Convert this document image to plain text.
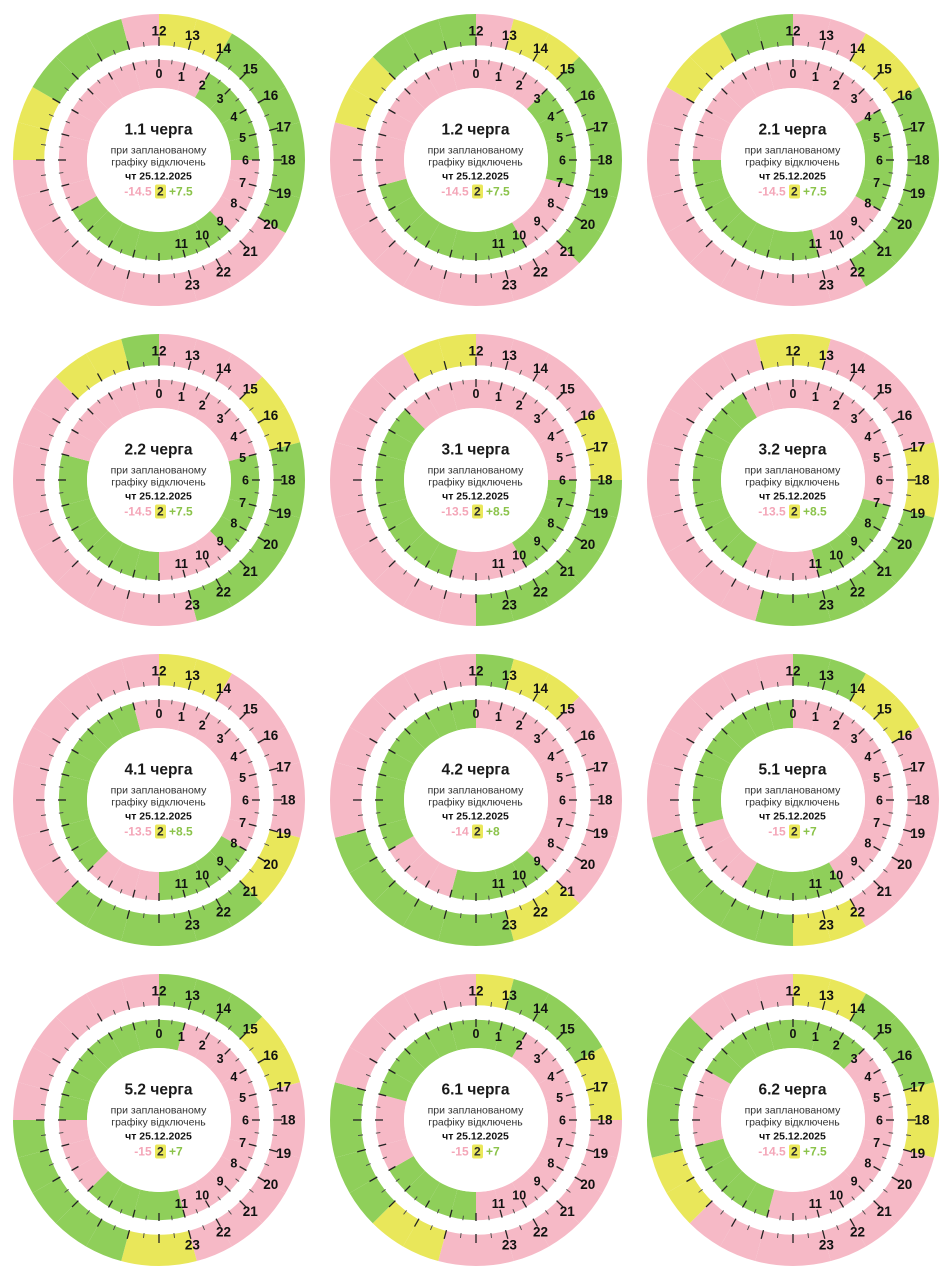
12 13
14
15
16
17
18
19
20
21
22
23
0 1
2
3
4
5
6
7
8
9
10
11
1.1 черга
при запланованому
графіку відключень
чт 25.12.2025
-14.5 2 +7.5
12 13
14
15
16
17
18
19
20
21
22
23
0 1
2
3
4
5
6
7
8
9
10
11
1.2 черга
при запланованому
графіку відключень
чт 25.12.2025
-14.5 2 +7.5
12 13
14
15
16
17
18
19
20
21
22
23
0 1
2
3
4
5
6
7
8
9
10
11
2.1 черга
при запланованому
графіку відключень
чт 25.12.2025
-14.5 2 +7.5
12 13
14
15
16
17
18
19
20
21
22
23
0 1
2
3
4
5
6
7
8
9
10
11
2.2 черга
при запланованому
графіку відключень
чт 25.12.2025
-14.5 2 +7.5
12 13
14
15
16
17
18
19
20
21
22
23
0 1
2
3
4
5
6
7
8
9
10
11
3.1 черга
при запланованому
графіку відключень
чт 25.12.2025
-13.5 2 +8.5
12 13
14
15
16
17
18
19
20
21
22
23
0 1
2
3
4
5
6
7
8
9
10
11
3.2 черга
при запланованому
графіку відключень
чт 25.12.2025
-13.5 2 +8.5
12 13
14
15
16
17
18
19
20
21
22
23
0 1
2
3
4
5
6
7
8
9
10
11
4.1 черга
при запланованому
графіку відключень
чт 25.12.2025
-13.5 2 +8.5
12 13
14
15
16
17
18
19
20
21
22
23
0 1
2
3
4
5
6
7
8
9
10
11
4.2 черга
при запланованому
графіку відключень
чт 25.12.2025
-14 2 +8
12 13
14
15
16
17
18
19
20
21
22
23
0 1
2
3
4
5
6
7
8
9
10
11
5.1 черга
при запланованому
графіку відключень
чт 25.12.2025
-15 2 +7
12 13
14
15
16
17
18
19
20
21
22
23
0 1
2
3
4
5
6
7
8
9
10
11
5.2 черга
при запланованому
графіку відключень
чт 25.12.2025
-15 2 +7
12 13
14
15
16
17
18
19
20
21
22
23
0 1
2
3
4
5
6
7
8
9
10
11
6.1 черга
при запланованому
графіку відключень
чт 25.12.2025
-15 2 +7
12 13
14
15
16
17
18
19
20
21
22
23
0 1
2
3
4
5
6
7
8
9
10
11
6.2 черга
при запланованому
графіку відключень
чт 25.12.2025
-14.5 2 +7.5
